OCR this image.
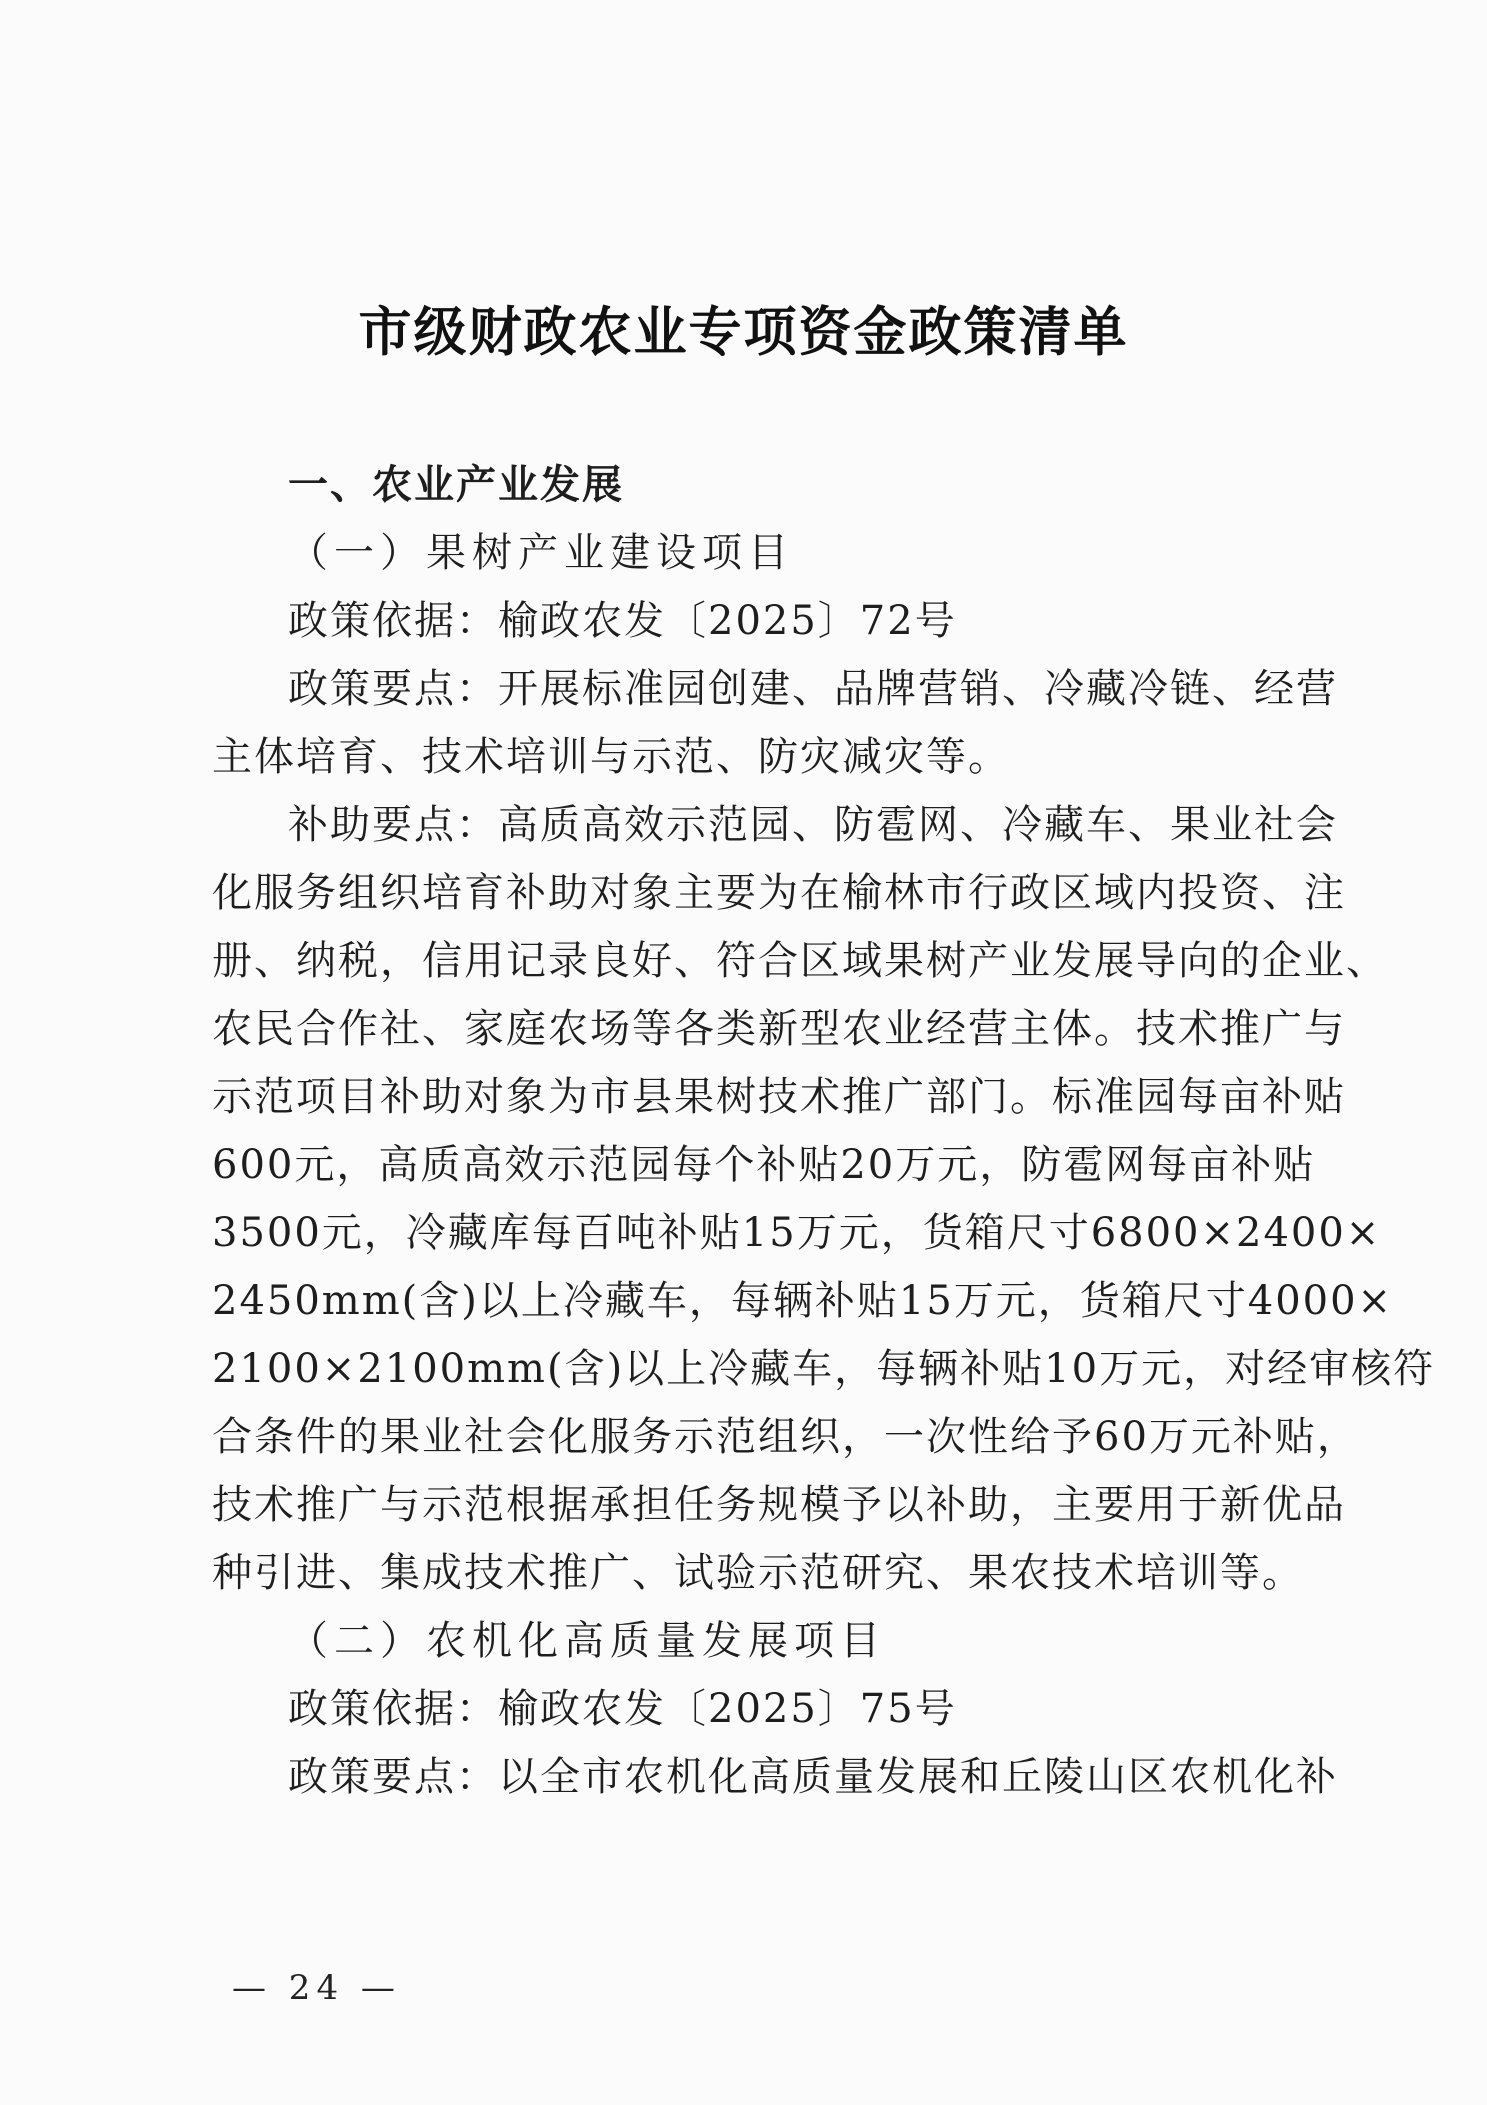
市级财政农业专项资金政策清单
一、农业产业发展
（一）果树产业建设项目
政策依据：榆政农发〔2025〕72号
政策要点：开展标准园创建、品牌营销、冷藏冷链、经营
主体培育、技术培训与示范、防灾减灾等。
补助要点：高质高效示范园、防雹网、冷藏车、果业社会
化服务组织培育补助对象主要为在榆林市行政区域内投资、注
册、纳税，信用记录良好、符合区域果树产业发展导向的企业、
农民合作社、家庭农场等各类新型农业经营主体。技术推广与
示范项目补助对象为市县果树技术推广部门。标准园每亩补贴
600元，高质高效示范园每个补贴20万元，防雹网每亩补贴
3500元，冷藏库每百吨补贴15万元，货箱尺寸6800×2400×
2450mm(含)以上冷藏车，每辆补贴15万元，货箱尺寸4000×
2100×2100mm(含)以上冷藏车，每辆补贴10万元，对经审核符
合条件的果业社会化服务示范组织，一次性给予60万元补贴，
技术推广与示范根据承担任务规模予以补助，主要用于新优品
种引进、集成技术推广、试验示范研究、果农技术培训等。
（二）农机化高质量发展项目
政策依据：榆政农发〔2025〕75号
政策要点：以全市农机化高质量发展和丘陵山区农机化补
— 24 —
